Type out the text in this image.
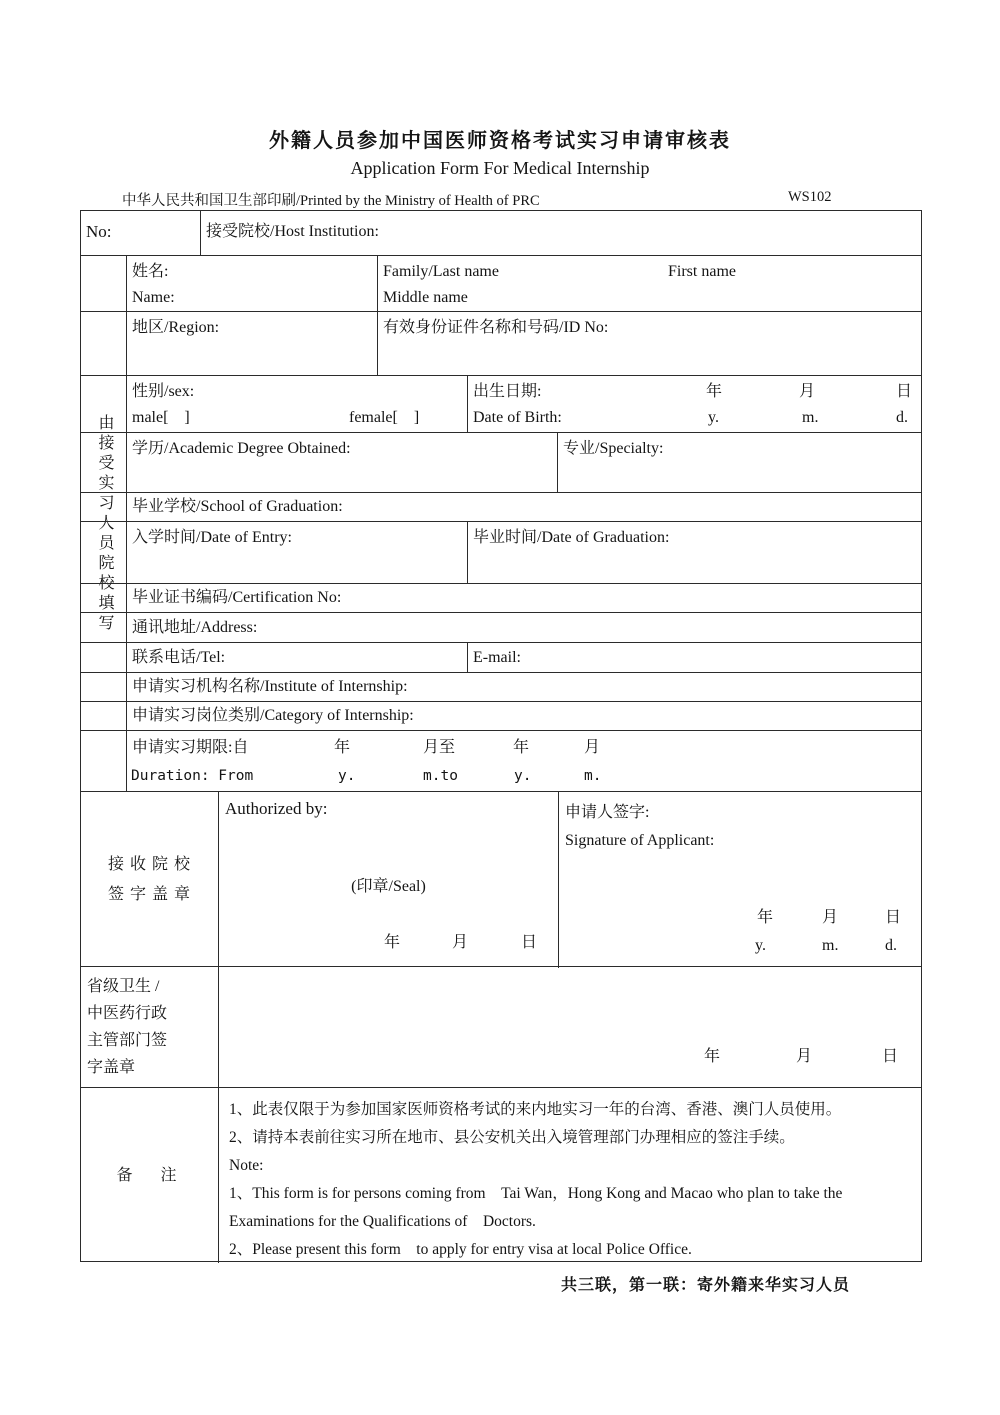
外籍人员参加中国医师资格考试实习申请审核表
Application Form For Medical Internship
中华人民共和国卫生部印刷/Printed by the Ministry of Health of PRC	WS102
No:	接受院校/Host Institution:
由接受实习人员院校填写
姓名:
Name:
Family/Last name	First name
Middle name
地区/Region:	有效身份证件名称和号码/ID No:
性别/sex:
male[　]	female[　]
出生日期:	年	月	日
Date of Birth:	y.	m.	d.
学历/Academic Degree Obtained:	专业/Specialty:
毕业学校/School of Graduation:
入学时间/Date of Entry:	毕业时间/Date of Graduation:
毕业证书编码/Certification No:
通讯地址/Address:
联系电话/Tel:	E-mail:
申请实习机构名称/Institute of Internship:
申请实习岗位类别/Category of Internship:
申请实习期限:自	年	月至	年	月
Duration: From	y.	m.to	y.	m.
接 收 院 校
签 字 盖 章
Authorized by:
(印章/Seal)
年	月	日
申请人签字:
Signature of Applicant:
年	月	日
y.	m.	d.
省级卫生 /
中医药行政
主管部门签
字盖章
年	月	日
备　注
1、此表仅限于为参加国家医师资格考试的来内地实习一年的台湾、香港、澳门人员使用。
2、请持本表前往实习所在地市、县公安机关出入境管理部门办理相应的签注手续。
Note:
1、This form is for persons coming from　Tai Wan，Hong Kong and Macao who plan to take the
Examinations for the Qualifications of　Doctors.
2、Please present this form　to apply for entry visa at local Police Office.
共三联，第一联：寄外籍来华实习人员
